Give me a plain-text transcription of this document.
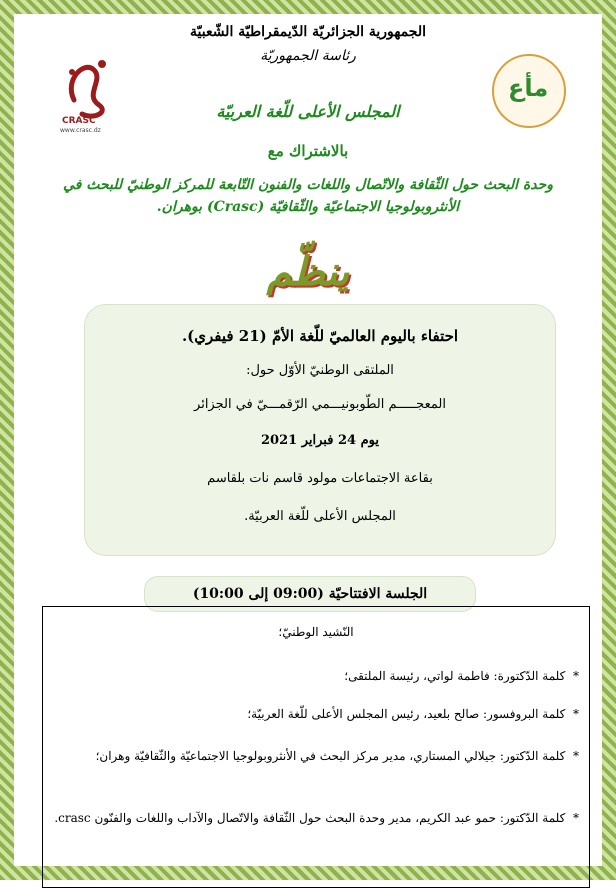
CRASC
www.crasc.dz
مأع
الجمهورية الجزائريّة الدّيمقراطيّة الشّعبيّة
رئاسة الجمهوريّة
المجلس الأعلى للّغة العربيّة
بالاشتراك مع
وحدة البحث حول الثّقافة والاتّصال واللغات والفنون التّابعة للمركز الوطنيّ للبحث في الأنثروبولوجيا الاجتماعيّة والثّقافيّة (Crasc) بوهران.
ينظّم
احتفاء باليوم العالميّ للّغة الأمّ (21 فيفري).
الملتقى الوطنيّ الأوّل حول:
المعجـــــم الطّوبونيـــمي الرّقمـــيّ في الجزائر
يوم 24 فبراير 2021
بقاعة الاجتماعات مولود قاسم نات بلقاسم
المجلس الأعلى للّغة العربيّة.
الجلسة الافتتاحيّة (09:00 إلى 10:00)
النّشيد الوطنيّ؛
*  كلمة الدّكتورة: فاطمة لواتي، رئيسة الملتقى؛
*  كلمة البروفسور: صالح بلعيد، رئيس المجلس الأعلى للّغة العربيّة؛
*  كلمة الدّكتور: جيلالي المستاري، مدير مركز البحث في الأنثروبولوجيا الاجتماعيّة والثّقافيّة وهران؛
*  كلمة الدّكتور: حمو عبد الكريم، مدير وحدة البحث حول الثّقافة والاتّصال والآداب واللغات والفنّون crasc.
